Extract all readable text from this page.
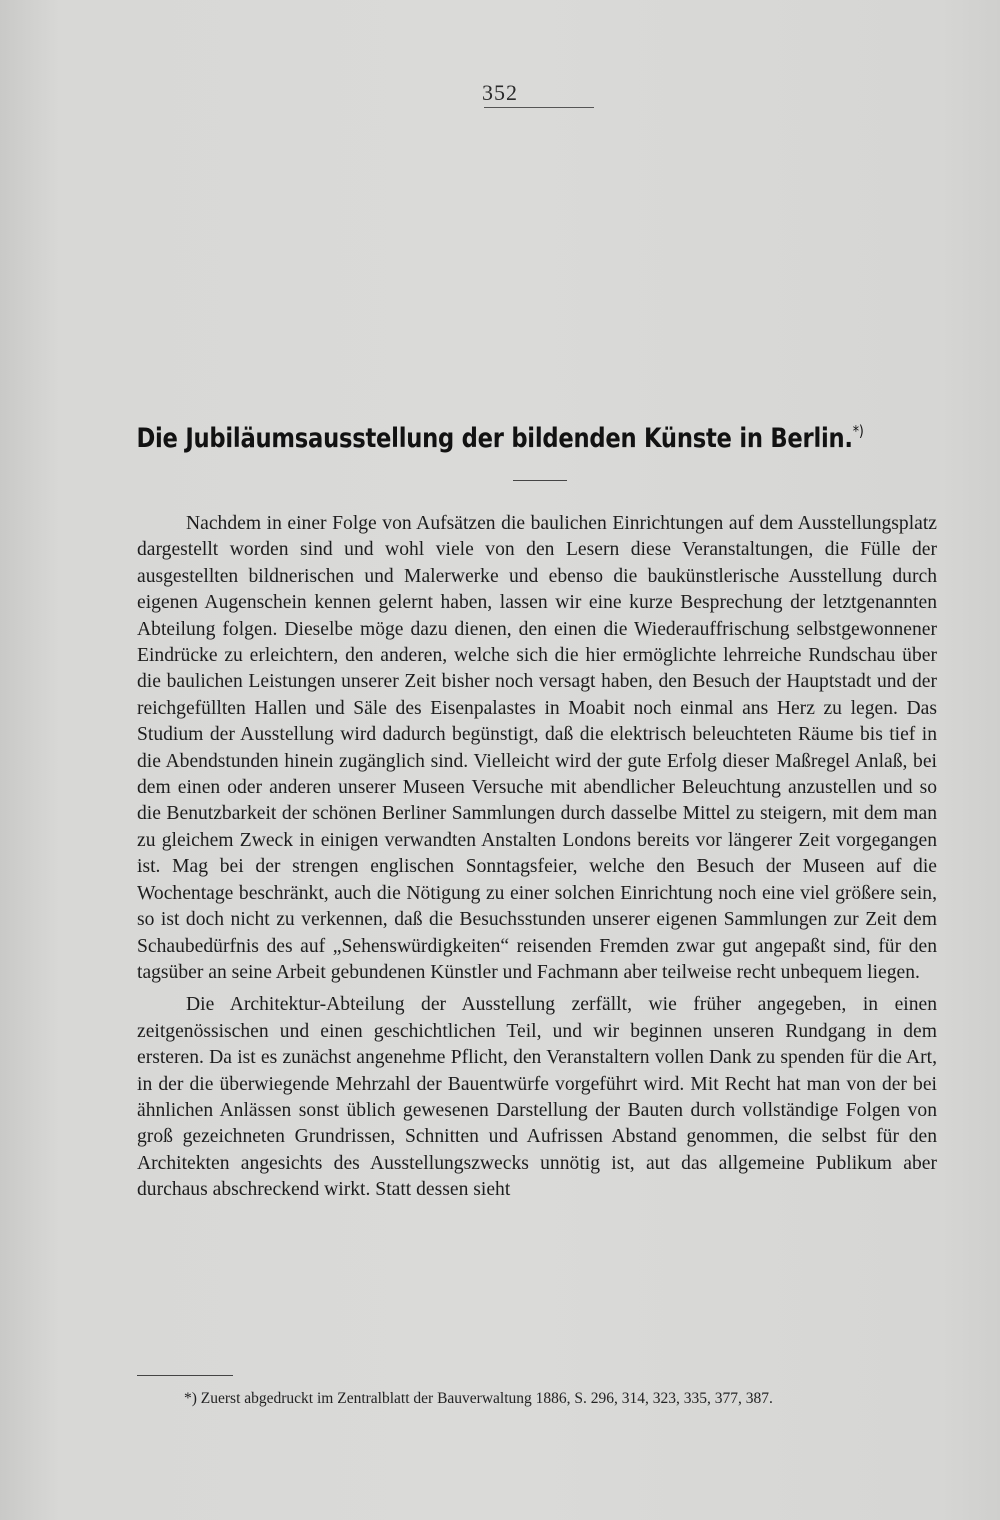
352
Die Jubiläumsausstellung der bildenden Künste in Berlin.*)

Nachdem in einer Folge von Aufsätzen die baulichen Einrichtungen auf dem Ausstellungsplatz dargestellt worden sind und wohl viele von den Lesern diese Veranstaltungen, die Fülle der ausgestellten bildnerischen und Malerwerke und ebenso die baukünstlerische Ausstellung durch eigenen Augenschein kennen gelernt haben, lassen wir eine kurze Besprechung der letztgenannten Abteilung folgen. Dieselbe möge dazu dienen, den einen die Wiederauffrischung selbstgewonnener Eindrücke zu erleichtern, den anderen, welche sich die hier ermöglichte lehrreiche Rundschau über die baulichen Leistungen unserer Zeit bisher noch versagt haben, den Besuch der Hauptstadt und der reichgefüllten Hallen und Säle des Eisenpalastes in Moabit noch einmal ans Herz zu legen. Das Studium der Ausstellung wird dadurch begünstigt, daß die elektrisch beleuchteten Räume bis tief in die Abendstunden hinein zugänglich sind. Vielleicht wird der gute Erfolg dieser Maßregel Anlaß, bei dem einen oder anderen unserer Museen Versuche mit abendlicher Beleuchtung anzustellen und so die Benutzbarkeit der schönen Berliner Sammlungen durch dasselbe Mittel zu steigern, mit dem man zu gleichem Zweck in einigen verwandten Anstalten Londons bereits vor längerer Zeit vorgegangen ist. Mag bei der strengen englischen Sonntagsfeier, welche den Besuch der Museen auf die Wochentage beschränkt, auch die Nötigung zu einer solchen Einrichtung noch eine viel größere sein, so ist doch nicht zu verkennen, daß die Besuchsstunden unserer eigenen Sammlungen zur Zeit dem Schaubedürfnis des auf „Sehenswürdigkeiten“ reisenden Fremden zwar gut angepaßt sind, für den tagsüber an seine Arbeit gebundenen Künstler und Fachmann aber teilweise recht unbequem liegen.

Die Architektur-Abteilung der Ausstellung zerfällt, wie früher angegeben, in einen zeitgenössischen und einen geschichtlichen Teil, und wir beginnen unseren Rundgang in dem ersteren. Da ist es zunächst angenehme Pflicht, den Veranstaltern vollen Dank zu spenden für die Art, in der die überwiegende Mehrzahl der Bauentwürfe vorgeführt wird. Mit Recht hat man von der bei ähnlichen Anlässen sonst üblich gewesenen Darstellung der Bauten durch vollständige Folgen von groß gezeichneten Grundrissen, Schnitten und Aufrissen Abstand genommen, die selbst für den Architekten angesichts des Ausstellungszwecks unnötig ist, aut das allgemeine Publikum aber durchaus abschreckend wirkt. Statt dessen sieht

*) Zuerst abgedruckt im Zentralblatt der Bauverwaltung 1886, S. 296, 314, 323, 335, 377, 387.
